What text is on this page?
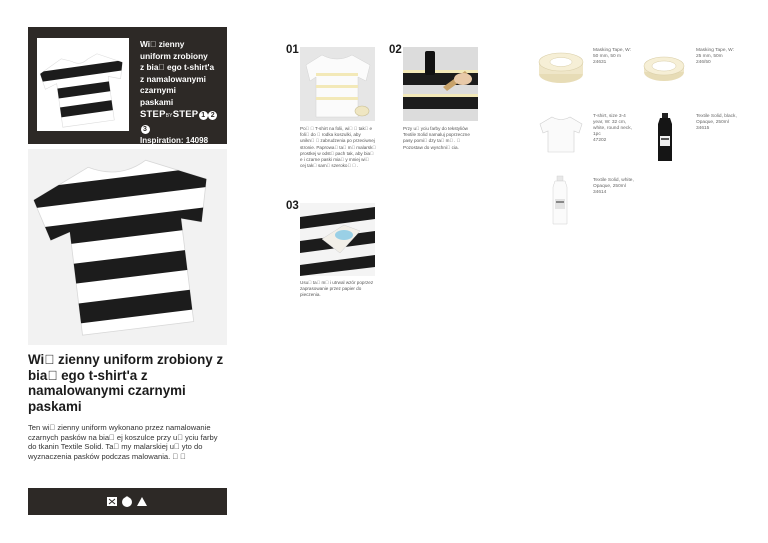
Wi  zienny
uniform zrobiony
z bia  ego t-shirt'a
z namalowanymi
czarnymi
paskami
STEPBYSTEP 1 23
Inspiration: 14098
Wi  zienny uniform zrobiony z bia  ego t-shirt'a z namalowanymi czarnymi paskami
Ten wi  zienny uniform wykonano przez namalowanie czarnych pasków na bia  ej koszulce przy u  yciu farby do tkanin Textile Solid. Ta  my malarskiej u  yto do wyznaczenia pasków podczas malowania.    
01
Po    T-shirt na folii, wi    tak  e foli  do   rodka koszulki, aby unikn    zabrudzenia po przeciwnej stronie. Paprowa  ta  m  malarsk  prostkej w odst  pach tak, aby bia  e i czarne paski mia  y mniej wi  cej tak  sam  szeroko    .
02
Przy u  yciu farby do tekstyliów Textile Solid namaluj poprzeczne pasy pomi  dzy ta  m  .   Pozostaw do wyschni  cia.
03
Usu  ta  m  i utrwal wzór poprzez zaprasowanie przez papier do pieczenia.
Masking Tape, W:
50 mm, 50 m
24631
Masking Tape, W:
25 mm, 50m
246/50
T-shirt, size 3-4
year, W: 32 cm,
white, round neck,
1pc
47202
Textile Solid, black,
Opaque, 250ml
34615
Textile Solid, white,
Opaque, 250ml
34614
